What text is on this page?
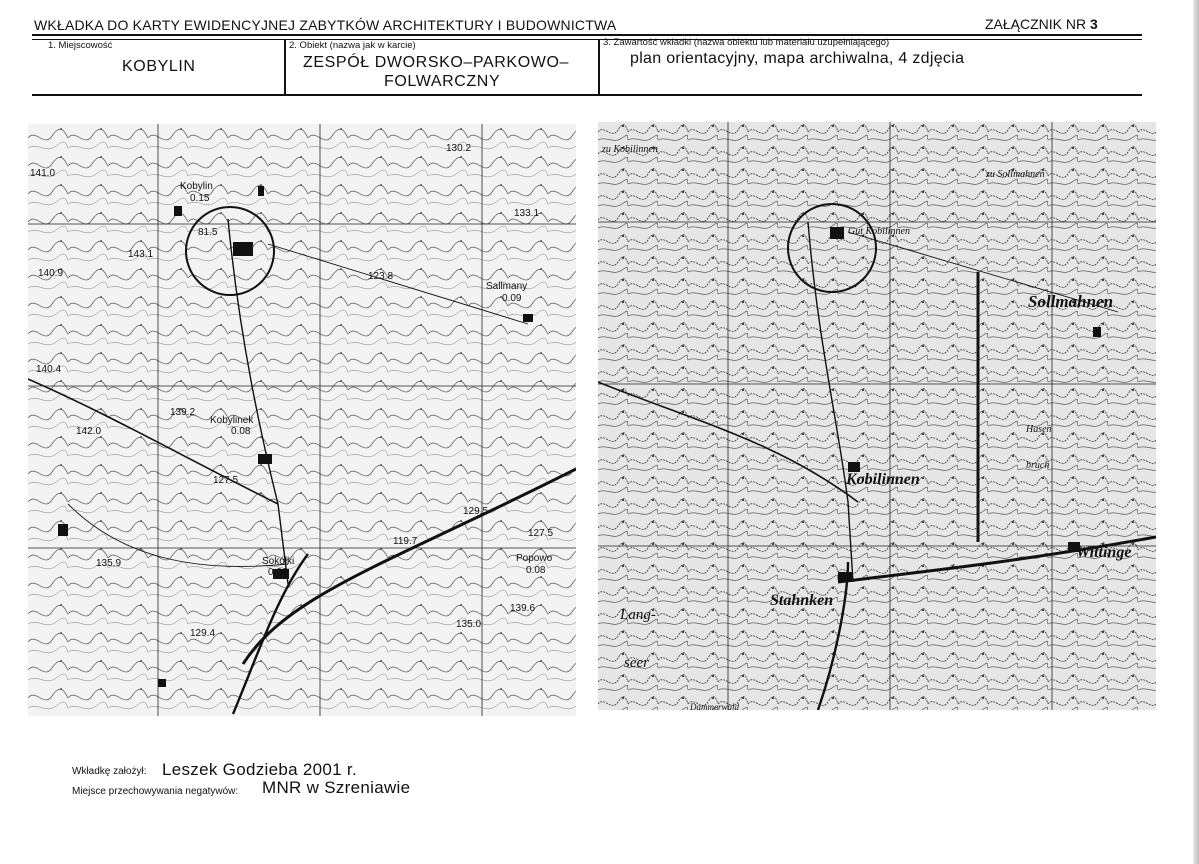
WKŁADKA DO KARTY EWIDENCYJNEJ ZABYTKÓW ARCHITEKTURY I BUDOWNICTWA	ZAŁĄCZNIK NR 3
1. Miejscowość
KOBYLIN
2. Obiekt (nazwa jak w karcie)
ZESPÓŁ DWORSKO–PARKOWO–
FOLWARCZNY
3. Zawartość wkładki (nazwa obiektu lub materiału uzupełniającego)
plan orientacyjny, mapa archiwalna, 4 zdjęcia
Kobylin
0.15
81.5
133.1
140.9
143.1
123.8
Sallmany
0.09
130.2
141.0
140.4
139.2
Kobylinek
0.08
142.0
127.5
119.7
129.5
127.5
Popowo
0.08
135.9	Sokółki
0.06
139.6
135.0
129.4
zu Kobilinnen
Gut Kobilinnen
zu Sollmahnen
Sollmahnen
Kobilinnen
Hasen
bruch
Wittinge
Stahnken
Lang-
seer
Dammerwald
Wkładkę założył: Leszek Godzieba 2001 r.
Miejsce przechowywania negatywów: MNR w Szreniawie
